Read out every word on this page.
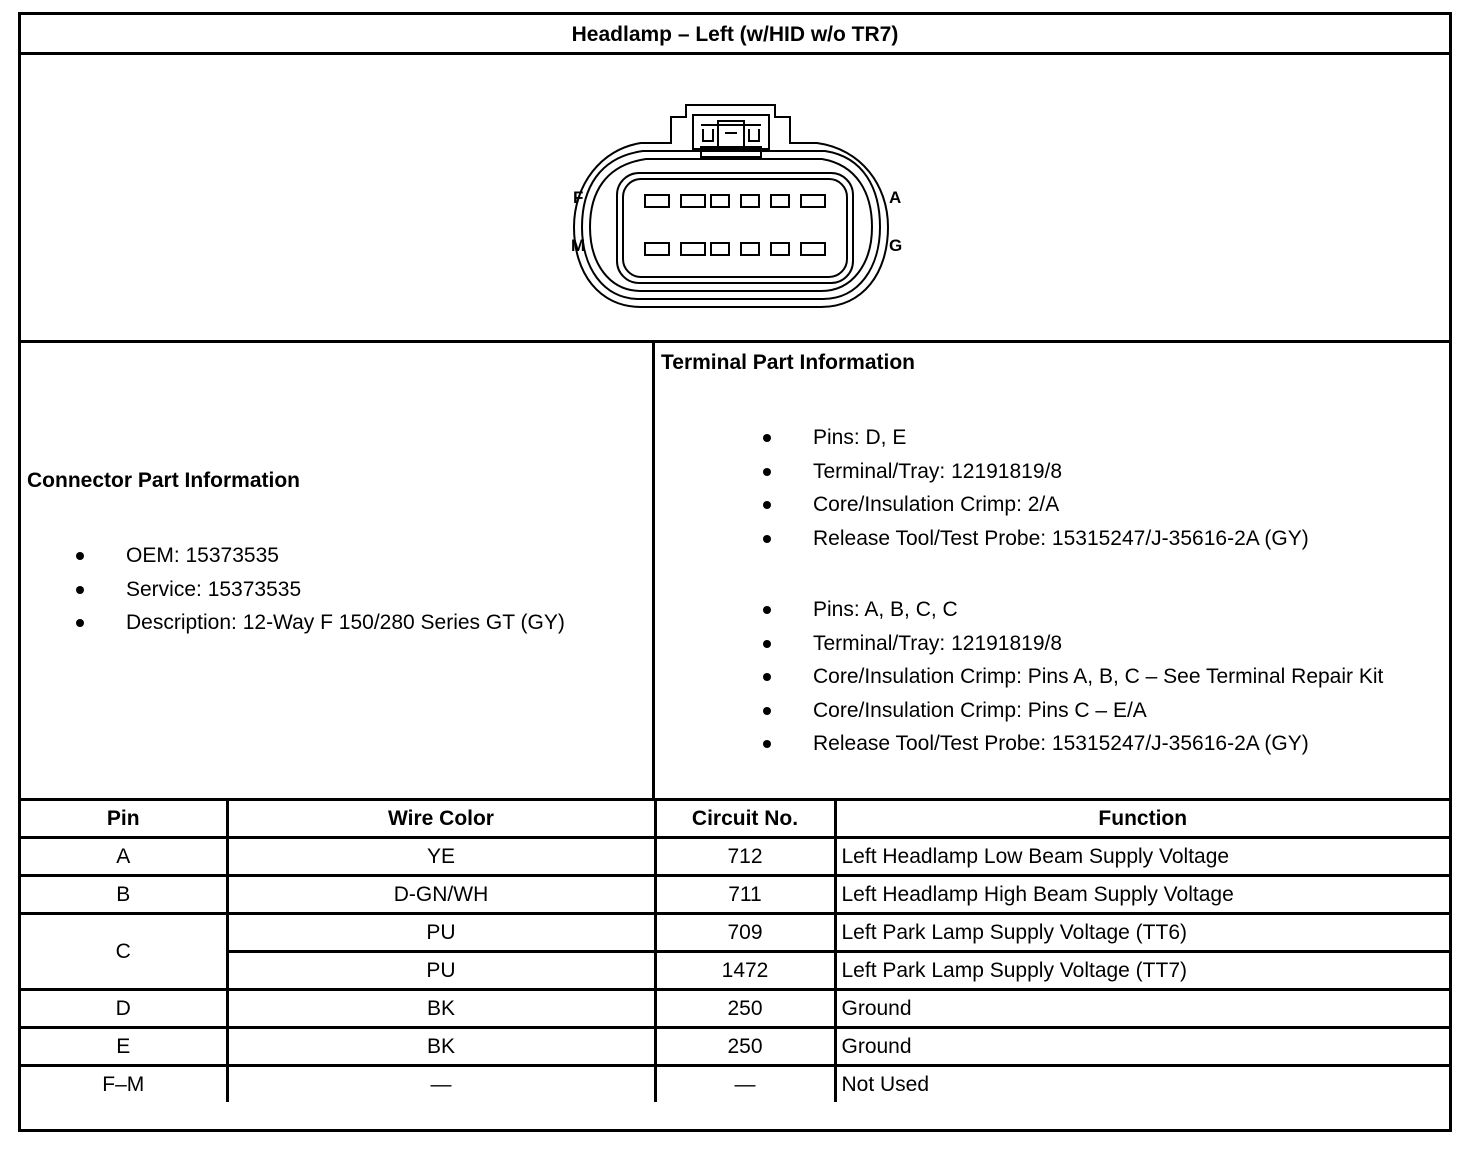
Headlamp – Left (w/HID w/o TR7)
F	A
M	G
Connector Part Information
OEM: 15373535
Service: 15373535
Description: 12-Way F 150/280 Series GT (GY)
Terminal Part Information
Pins: D, E
Terminal/Tray: 12191819/8
Core/Insulation Crimp: 2/A
Release Tool/Test Probe: 15315247/J-35616-2A (GY)
Pins: A, B, C, C
Terminal/Tray: 12191819/8
Core/Insulation Crimp: Pins A, B, C – See Terminal Repair Kit
Core/Insulation Crimp: Pins C – E/A
Release Tool/Test Probe: 15315247/J-35616-2A (GY)
Pin	Wire Color	Circuit No.	Function
A	YE	712	Left Headlamp Low Beam Supply Voltage
B	D-GN/WH	711	Left Headlamp High Beam Supply Voltage
C	PU	709	Left Park Lamp Supply Voltage (TT6)
	PU	1472	Left Park Lamp Supply Voltage (TT7)
D	BK	250	Ground
E	BK	250	Ground
F–M	—	—	Not Used
